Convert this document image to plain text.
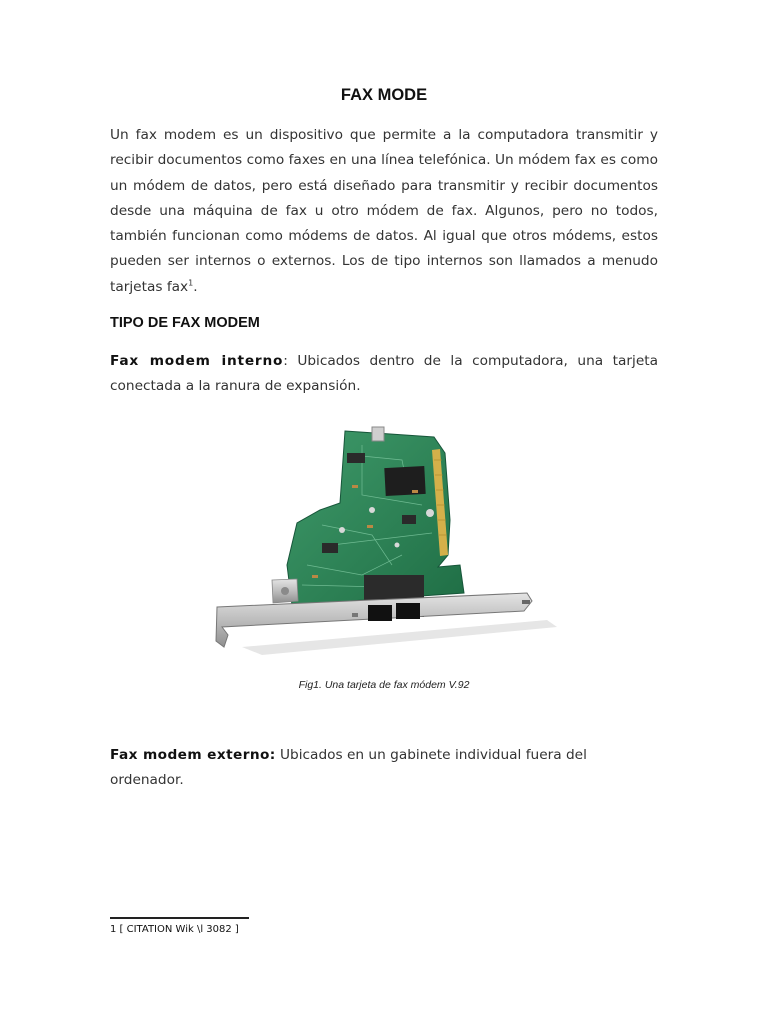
FAX MODE

Un fax modem es un dispositivo que permite a la computadora transmitir y recibir documentos como faxes en una línea telefónica. Un módem fax es como un módem de datos, pero está diseñado para transmitir y recibir documentos desde una máquina de fax u otro módem de fax. Algunos, pero no todos, también funcionan como módems de datos. Al igual que otros módems, estos pueden ser internos o externos. Los de tipo internos son llamados a menudo tarjetas fax$^1$.

TIPO DE FAX MODEM

Fax modem interno: Ubicados dentro de la computadora, una tarjeta conectada a la ranura de expansión.

Fig1. Una tarjeta de fax módem V.92

Fax modem externo: Ubicados en un gabinete individual fuera del ordenador.

1 [ CITATION Wik \l 3082 ]
